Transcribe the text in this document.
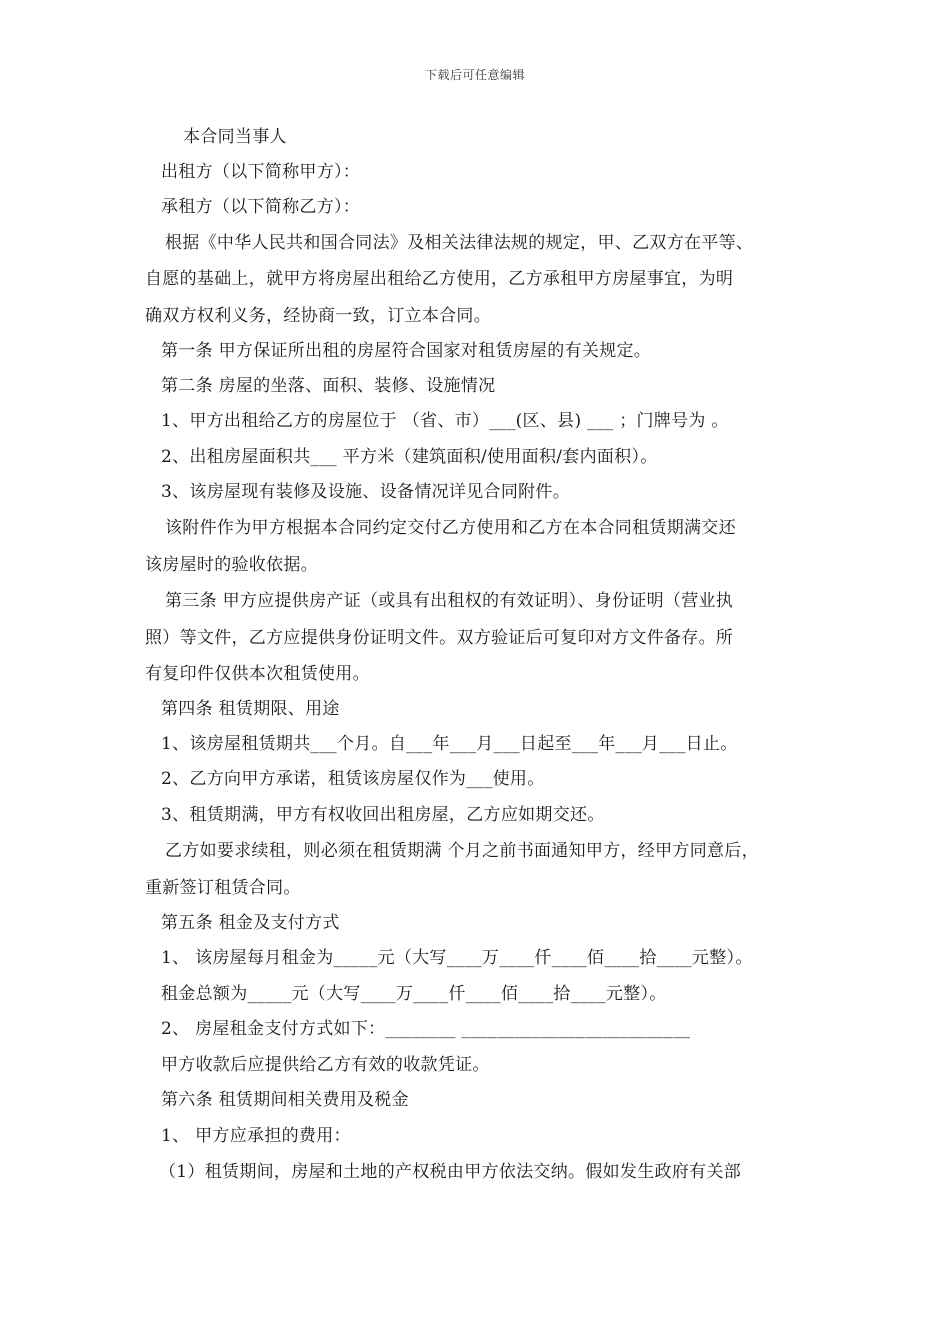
下载后可任意编辑
本合同当事人
出租方（以下简称甲方）：
承租方（以下简称乙方）：
根据《中华人民共和国合同法》及相关法律法规的规定，甲、乙双方在平等、
自愿的基础上，就甲方将房屋出租给乙方使用，乙方承租甲方房屋事宜，为明
确双方权利义务，经协商一致，订立本合同。
第一条 甲方保证所出租的房屋符合国家对租赁房屋的有关规定。
第二条 房屋的坐落、面积、装修、设施情况
1、甲方出租给乙方的房屋位于 （省、市）___(区、县) ___ ；门牌号为 。
2、出租房屋面积共___ 平方米（建筑面积/使用面积/套内面积）。
3、该房屋现有装修及设施、设备情况详见合同附件。
该附件作为甲方根据本合同约定交付乙方使用和乙方在本合同租赁期满交还
该房屋时的验收依据。
第三条 甲方应提供房产证（或具有出租权的有效证明）、身份证明（营业执
照）等文件，乙方应提供身份证明文件。双方验证后可复印对方文件备存。所
有复印件仅供本次租赁使用。
第四条 租赁期限、用途
1、该房屋租赁期共___个月。自___年___月___日起至___年___月___日止。
2、乙方向甲方承诺，租赁该房屋仅作为___使用。
3、租赁期满，甲方有权收回出租房屋，乙方应如期交还。
乙方如要求续租，则必须在租赁期满 个月之前书面通知甲方，经甲方同意后，
重新签订租赁合同。
第五条 租金及支付方式
1、 该房屋每月租金为_____元（大写____万____仟____佰____拾____元整）。
租金总额为_____元（大写____万____仟____佰____拾____元整）。
2、 房屋租金支付方式如下：________ __________________________
甲方收款后应提供给乙方有效的收款凭证。
第六条 租赁期间相关费用及税金
1、 甲方应承担的费用：
（1）租赁期间，房屋和土地的产权税由甲方依法交纳。假如发生政府有关部
